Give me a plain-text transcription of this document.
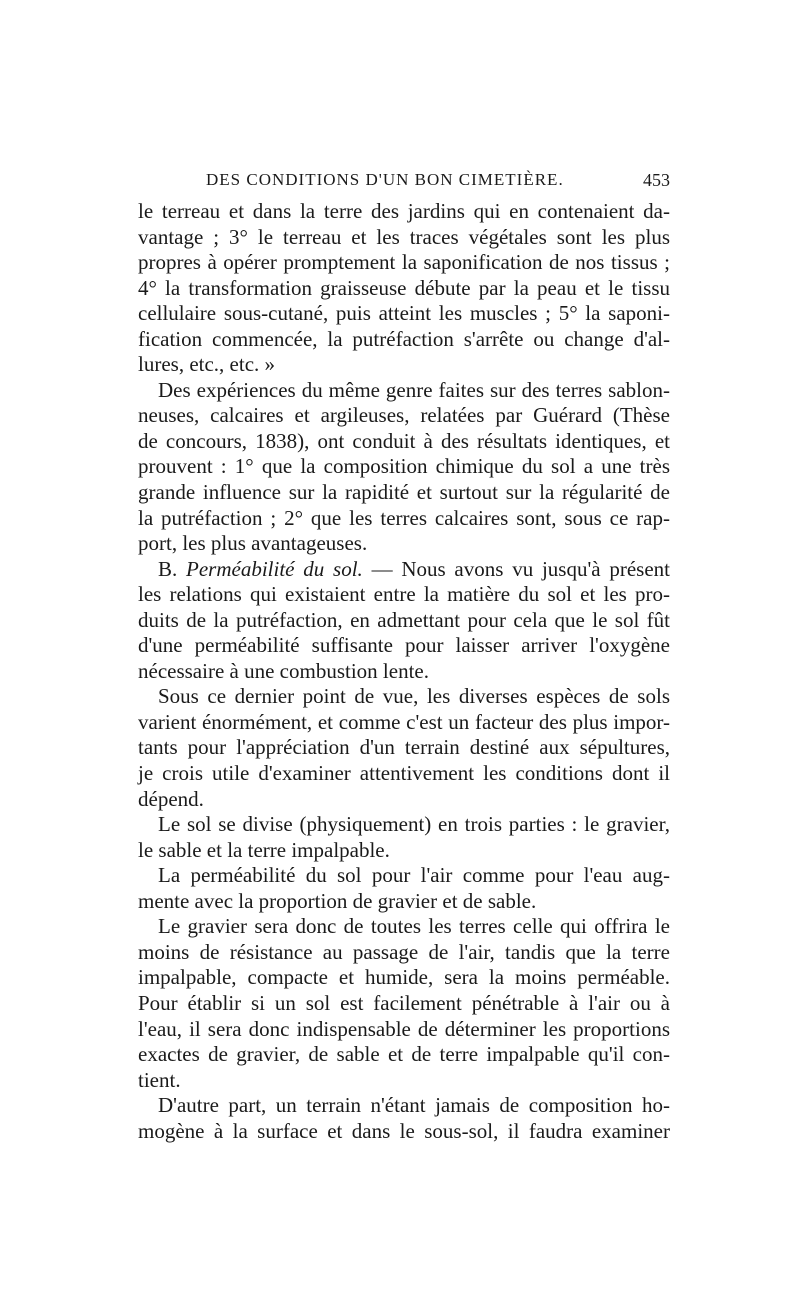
DES CONDITIONS D'UN BON CIMETIÈRE.	453
le terreau et dans la terre des jardins qui en contenaient da-
vantage ; 3° le terreau et les traces végétales sont les plus
propres à opérer promptement la saponification de nos tissus ;
4° la transformation graisseuse débute par la peau et le tissu
cellulaire sous-cutané, puis atteint les muscles ; 5° la saponi-
fication commencée, la putréfaction s'arrête ou change d'al-
lures, etc., etc. »
Des expériences du même genre faites sur des terres sablon-
neuses, calcaires et argileuses, relatées par Guérard (Thèse
de concours, 1838), ont conduit à des résultats identiques, et
prouvent : 1° que la composition chimique du sol a une très
grande influence sur la rapidité et surtout sur la régularité de
la putréfaction ; 2° que les terres calcaires sont, sous ce rap-
port, les plus avantageuses.
B. Perméabilité du sol. — Nous avons vu jusqu'à présent
les relations qui existaient entre la matière du sol et les pro-
duits de la putréfaction, en admettant pour cela que le sol fût
d'une perméabilité suffisante pour laisser arriver l'oxygène
nécessaire à une combustion lente.
Sous ce dernier point de vue, les diverses espèces de sols
varient énormément, et comme c'est un facteur des plus impor-
tants pour l'appréciation d'un terrain destiné aux sépultures,
je crois utile d'examiner attentivement les conditions dont il
dépend.
Le sol se divise (physiquement) en trois parties : le gravier,
le sable et la terre impalpable.
La perméabilité du sol pour l'air comme pour l'eau aug-
mente avec la proportion de gravier et de sable.
Le gravier sera donc de toutes les terres celle qui offrira le
moins de résistance au passage de l'air, tandis que la terre
impalpable, compacte et humide, sera la moins perméable.
Pour établir si un sol est facilement pénétrable à l'air ou à
l'eau, il sera donc indispensable de déterminer les proportions
exactes de gravier, de sable et de terre impalpable qu'il con-
tient.
D'autre part, un terrain n'étant jamais de composition ho-
mogène à la surface et dans le sous-sol, il faudra examiner
